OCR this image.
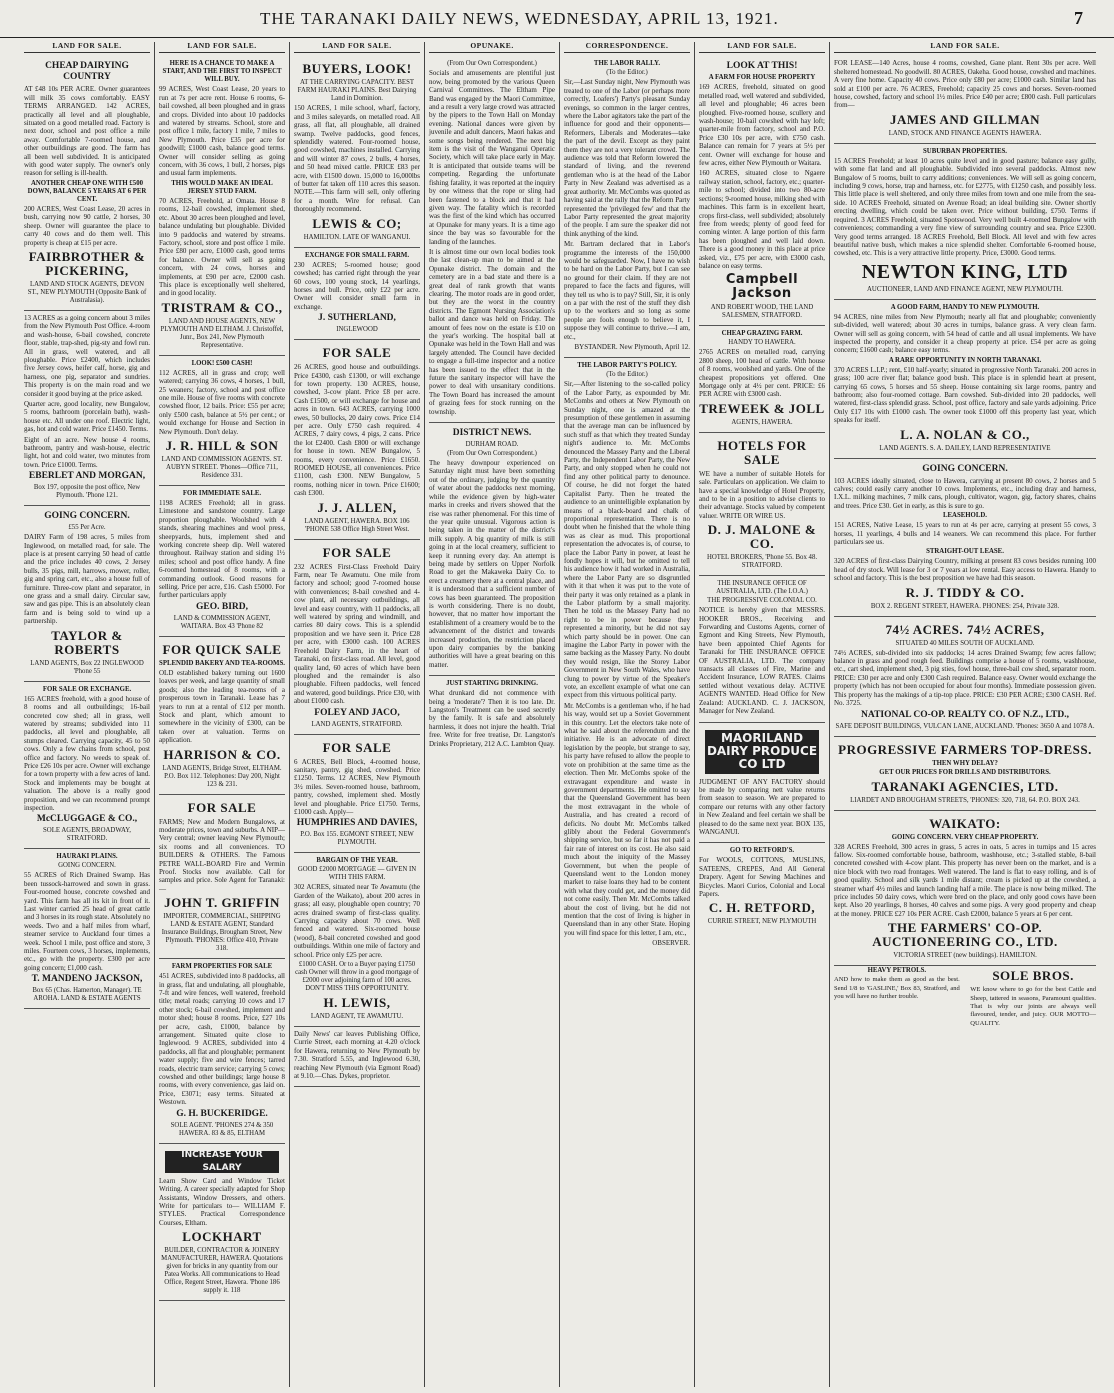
THE TARANAKI DAILY NEWS, WEDNESDAY, APRIL 13, 1921.	7
LAND FOR SALE.
CHEAP DAIRYING COUNTRY

AT £48 10s PER ACRE. Owner guarantees will milk 35 cows comfortably. EASY TERMS ARRANGED. 142 ACRES, practically all level and all ploughable, situated on a good metalled road. Factory is next door, school and post office a mile away. Comfortable 7-roomed house, and other outbuildings are good. The farm has all been well subdivided. It is anticipated with good water supply. The owner's only reason for selling is ill-health.

ANOTHER CHEAP ONE WITH £500 DOWN, BALANCE 5 YEARS AT 6 PER CENT.

200 ACRES, West Coast Lease, 20 acres in bush, carrying now 90 cattle, 2 horses, 30 sheep. Owner will guarantee the place to carry 40 cows and do them well. This property is cheap at £15 per acre.

FAIRBROTHER & PICKERING,
LAND AND STOCK AGENTS, DEVON ST., NEW PLYMOUTH (Opposite Bank of Australasia).

13 ACRES as a going concern about 3 miles from the New Plymouth Post Office. 4-room and wash-house, 6-bail cowshed, concrete floor, stable, trap-shed, pig-sty and fowl run. All in grass, well watered, and all ploughable. Price £2400, which includes five Jersey cows, heifer calf, horse, gig and harness, one pig, separator and sundries. This property is on the main road and we consider it good buying at the price asked.

Quarter acre, good locality, new Bungalow, 5 rooms, bathroom (porcelain bath), wash-house etc. All under one roof. Electric light, gas, hot and cold water. Price £1450. Terms.

Eight of an acre. New house 4 rooms, bathroom, pantry and wash-house, electric light, hot and cold water, two minutes from town. Price £1000. Terms.

EBERLET AND MORGAN,
Box 197, opposite the post office, New Plymouth. 'Phone 121.
GOING CONCERN.
£55 Per Acre.

DAIRY Farm of 198 acres, 5 miles from Inglewood, on metalled road, for sale. The place is at present carrying 50 head of cattle and the price includes 40 cows, 2 Jersey bulls, 35 pigs, mill, harrows, mower, roller, gig and spring cart, etc., also a house full of furniture. Three-cow plant and separator, in one grass and a small dairy. Circular saw, saw and gas pipe. This is an absolutely clean farm and is being sold to wind up a partnership.

TAYLOR & ROBERTS
LAND AGENTS, Box 22 INGLEWOOD 'Phone 55
FOR SALE OR EXCHANGE.

165 ACRES freehold, with a good house of 8 rooms and all outbuildings; 16-bail concreted cow shed; all in grass, well watered by streams; subdivided into 11 paddocks, all level and ploughable, all stumps cleared. Carrying capacity, 45 to 50 cows. Only a few chains from school, post office and factory. No weeds to speak of. Price £26 10s per acre. Owner will exchange for a town property with a few acres of land. Stock and implements may be bought at valuation. The above is a really good proposition, and we can recommend prompt inspection.

McCLUGGAGE & CO.,
SOLE AGENTS, BROADWAY, STRATFORD.
HAURAKI PLAINS.
GOING CONCERN.

55 ACRES of Rich Drained Swamp. Has been tussock-harrowed and sown in grass. Four-roomed house, concrete cowshed and yard. This farm has all its kit in front of it. Last winter carried 25 head of great cattle and 3 horses in its rough state. Absolutely no weeds. Two and a half miles from wharf, steamer service to Auckland four times a week. School 1 mile, post office and store, 3 miles. Fourteen cows, 3 horses, implements, etc., go with the property. £300 per acre going concern; £1,000 cash.

T. MANDENO JACKSON,
Box 65 (Chas. Hamerton, Manager). TE AROHA. LAND & ESTATE AGENTS
LAND FOR SALE.
HERE IS A CHANCE TO MAKE A START, AND THE FIRST TO INSPECT WILL BUY.

99 ACRES, West Coast Lease, 20 years to run at 7s per acre rent. House 6 rooms, 6-bail cowshed, all been ploughed and in grass and crops. Divided into about 10 paddocks and watered by streams. School, store and post office 1 mile, factory 1 mile, 7 miles to New Plymouth. Price £35 per acre for goodwill; £1000 cash, balance good terms. Owner will consider selling as going concern, with 36 cows, 1 bull, 2 horses, pigs and usual farm implements.

THIS WOULD MAKE AN IDEAL JERSEY STUD FARM.

70 ACRES, Freehold, at Omata. House 8 rooms, 12-bail cowshed, implement shed, etc. About 30 acres been ploughed and level, balance undulating but ploughable. Divided into 9 paddocks and watered by streams. Factory, school, store and post office 1 mile. Price £80 per acre, £1000 cash, good terms for balance. Owner will sell as going concern, with 24 cows, horses and implements, at £90 per acre, £2000 cash. This place is exceptionally well sheltered, and in good locality.

TRISTRAM & CO.,
LAND AND HOUSE AGENTS, NEW PLYMOUTH AND ELTHAM. J. Christoffel, Junr., Box 241, New Plymouth Representative.
LOOK! £500 CASH!

112 ACRES, all in grass and crop; well watered; carrying 36 cows, 4 horses, 1 bull, 25 weaners; factory, school and post office one mile. House of five rooms with concrete cowshed floor, 12 bails. Price: £55 per acre; only £500 cash, balance at 5½ per cent.; or would exchange for House and Section in New Plymouth. Don't delay.

J. R. HILL & SON
LAND AND COMMISSION AGENTS. ST. AUBYN STREET. 'Phones—Office 711, Residence 331.
FOR IMMEDIATE SALE.

1198 ACRES Freehold; all in grass. Limestone and sandstone country. Large proportion ploughable. Woolshed with 4 stands, shearing machines and wool press, sheepyards, huts, implement shed and working concrete sheep dip. Well watered throughout. Railway station and siding 1½ miles; school and post office handy. A fine 6-roomed homestead of 8 rooms, with a commanding outlook. Good reasons for selling. Price per acre, £16. Cash £5000. For further particulars apply

GEO. BIRD,
LAND & COMMISSION AGENT, WAITARA. Box 43 'Phone 82
FOR QUICK SALE
SPLENDID BAKERY AND TEA-ROOMS.

OLD established bakery turning out 1600 loaves per week, and large quantity of small goods; also the leading tea-rooms of a prosperous town in Taranaki. Lease has 7 years to run at a rental of £12 per month. Stock and plant, which amount to somewhere in the vicinity of £300, can be taken over at valuation. Terms on application.

HARRISON & CO.
LAND AGENTS, Bridge Street, ELTHAM. P.O. Box 112. Telephones: Day 200, Night 123 & 231.
FOR SALE

FARMS; New and Modern Bungalows, at moderate prices, town and suburbs. A NIP—Very central; owner leaving New Plymouth; six rooms and all conveniences. TO BUILDERS & OTHERS. The Famous PETRE WALL-BOARD Fire and Vermin Proof. Stocks now available. Call for samples and price. Sole Agent for Taranaki:—

JOHN T. GRIFFIN
IMPORTER, COMMERCIAL, SHIPPING LAND & ESTATE AGENT, Standard Insurance Buildings, Brougham Street, New Plymouth. 'PHONES: Office 410, Private 318.
FARM PROPERTIES FOR SALE

451 ACRES, subdivided into 8 paddocks, all in grass, flat and undulating, all ploughable, 7-ft and wire fences, well watered, freehold title; metal roads; carrying 10 cows and 17 other stock; 6-bail cowshed, implement and motor shed; house 8 rooms. Price, £27 10s per acre, cash, £1000, balance by arrangement. Situated quite close to Inglewood. 9 ACRES, subdivided into 4 paddocks, all flat and ploughable; permanent water supply; five and wire fences; tarred roads, electric tram service; carrying 5 cows; cowshed and other buildings; large house 8 rooms, with every convenience, gas laid on. Price, £3071; easy terms. Situated at Westown.

G. H. BUCKERIDGE.
SOLE AGENT. 'PHONES 274 & 350 HAWERA. 83 & 85, ELTHAM
INCREASE YOUR SALARY

Learn Show Card and Window Ticket Writing. A career specially adapted for Shop Assistants, Window Dressers, and others. Write for particulars to— WILLIAM F. STYLES. Practical Correspondence Courses, Eltham.

LOCKHART
BUILDER, CONTRACTOR & JOINERY MANUFACTURER, HAWERA. Quotations given for bricks in any quantity from our Patea Works. All communications to Head Office, Regent Street, Hawera. 'Phone 186 supply it. 118
LAND FOR SALE.
BUYERS, LOOK!
AT THE CARRYING CAPACITY. BEST FARM HAURAKI PLAINS. Best Dairying Land in Dominion.

150 ACRES, 1 mile school, wharf, factory, and 3 miles saleyards, on metalled road. All grass, all flat, all ploughable, all drained swamp. Twelve paddocks, good fences, splendidly watered. Four-roomed house, good cowshed, machines installed. Carrying and will winter 87 cows, 2 bulls, 4 horses, and 50 head mixed cattle. PRICE £83 per acre, with £1500 down. 15,000 to 16,000lbs of butter fat taken off 110 acres this season. NOTE.—This farm will sell, only offering for a month. Wire for refusal. Can thoroughly recommend.

LEWIS & CO;
HAMILTON. LATE OF WANGANUI.
EXCHANGE FOR SMALL FARM.

230 ACRES; 5-roomed house; good cowshed; has carried right through the year 60 cows, 100 young stock, 14 yearlings, horses and bull. Price, only £22 per acre. Owner will consider small farm in exchange.

J. SUTHERLAND,
INGLEWOOD
FOR SALE

26 ACRES, good house and outbuildings. Price £4300, cash £1300, or will exchange for town property. 130 ACRES, house, cowshed, 3-cow plant. Price £8 per acre. Cash £1500, or will exchange for house and acres in town. 643 ACRES, carrying 1000 ewes, 50 bullocks, 20 dairy cows. Price £14 per acre. Only £750 cash required. 4 ACRES, 7 dairy cows, 4 pigs, 2 cans. Price the lot £2400. Cash £800 or will exchange for house in town. NEW Bungalow, 5 rooms, every convenience. Price £1650. ROOMED HOUSE, all conveniences. Price £1100, cash £300. NEW Bungalow, 5 rooms, nothing nicer in town. Price £1600; cash £300.

J. J. ALLEN,
LAND AGENT, HAWERA. BOX 106 'PHONE 538 Office High Street West.
FOR SALE

232 ACRES First-Class Freehold Dairy Farm, near Te Awamutu. One mile from factory and school; good 7-roomed house with conveniences; 8-bail cowshed and 4-cow plant, all necessary outbuildings, all level and easy country, with 11 paddocks, all well watered by spring and windmill, and carries 80 dairy cows. This is a splendid proposition and we have seen it. Price £28 per acre, with £3000 cash. 100 ACRES Freehold Dairy Farm, in the heart of Taranaki, on first-class road. All level, good quality land, 60 acres of which have been ploughed and the remainder is also ploughable. Fifteen paddocks, well fenced and watered, good buildings. Price £30, with about £1000 cash.

FOLEY AND JACO,
LAND AGENTS, STRATFORD.
FOR SALE

6 ACRES, Bell Block, 4-roomed house, sanitary, pantry, gig shed, cowshed. Price £1250. Terms. 12 ACRES, New Plymouth 3½ miles. Seven-roomed house, bathroom, pantry, cowshed, implement shed. Mostly level and ploughable. Price £1750. Terms, £1000 cash. Apply—

HUMPHRIES AND DAVIES,
P.O. Box 155. EGMONT STREET, NEW PLYMOUTH.
BARGAIN OF THE YEAR.
GOOD £2000 MORTGAGE — GIVEN IN WITH THIS FARM.

302 ACRES, situated near Te Awamutu (the Garden of the Waikato), about 200 acres in grass; all easy, ploughable open country; 70 acres drained swamp of first-class quality. Carrying capacity about 70 cows. Well fenced and watered. Six-roomed house (wood), 8-bail concreted cowshed and good outbuildings. Within one mile of factory and school. Price only £25 per acre.

£1000 CASH. Or to a Buyer paying £1750 cash Owner will throw in a good mortgage of £2000 over adjoining farm of 100 acres. DON'T MISS THIS OPPORTUNITY.

H. LEWIS,
LAND AGENT, TE AWAMUTU.

Daily News' car leaves Publishing Office, Currie Street, each morning at 4.20 o'clock for Hawera, returning to New Plymouth by 7.30. Stratford 5.55, and Inglewood 6.30, reaching New Plymouth (via Egmont Road) at 9.10.—Chas. Dykes, proprietor.

OPUNAKE.
(From Our Own Correspondent.)

Socials and amusements are plentiful just now, being promoted by the various Queen Carnival Committees. The Eltham Pipe Band was engaged by the Maori Committee, and a result a very large crowd was attracted by the pipers to the Town Hall on Monday evening. National dances were given by juvenile and adult dancers, Maori hakas and some songs being rendered. The next big item is the visit of the Wanganui Operatic Society, which will take place early in May. It is anticipated that outside teams will be competing. Regarding the unfortunate fishing fatality, it was reported at the inquiry by one witness that the rope or sling had been fastened to a block and that it had given way. The fatality which is recorded was the first of the kind which has occurred at Opunake for many years. It is a time ago since the bay was so favourable for the landing of the launches.

It is almost time our own local bodies took the last clean-up man to be aimed at the Opunake district. The domain and the cemetery are in a bad state and there is a great deal of rank growth that wants clearing. The motor roads are in good order, but they are the worst in the country districts. The Egmont Nursing Association's ballot and dance was held on Friday. The amount of fees now on the estate is £10 on the year's working. The hospital ball at Opunake was held in the Town Hall and was largely attended. The Council have decided to engage a full-time inspector and a notice has been issued to the effect that in the future the sanitary inspector will have the power to deal with unsanitary conditions. The Town Board has increased the amount of grazing fees for stock running on the township.

DISTRICT NEWS.
DURHAM ROAD.
(From Our Own Correspondent.)

The heavy downpour experienced on Saturday night must have been something out of the ordinary, judging by the quantity of water about the paddocks next morning, while the evidence given by high-water marks in creeks and rivers showed that the rise was rather phenomenal. For this time of the year quite unusual. Vigorous action is being taken in the matter of the district's milk supply. A big quantity of milk is still going in at the local creamery, sufficient to keep it running every day. An attempt is being made by settlers on Upper Norfolk Road to get the Makaweka Dairy Co. to erect a creamery there at a central place, and it is understood that a sufficient number of cows has been guaranteed. The proposition is worth considering. There is no doubt, however, that no matter how important the establishment of a creamery would be to the advancement of the district and towards increased production, the restriction placed upon dairy companies by the banking authorities will have a great bearing on this matter.

JUST STARTING DRINKING.

What drunkard did not commence with being a 'moderate'? Then it is too late. Dr. Langston's Treatment can be used secretly by the family. It is safe and absolutely harmless, it does not injure the health. Trial free. Write for free treatise, Dr. Langston's Drinks Proprietary, 212 A.C. Lambton Quay.

CORRESPONDENCE.
THE LABOR RALLY.
(To the Editor.)

Sir,—Last Sunday night, New Plymouth was treated to one of the Labor (or perhaps more correctly, Loafers') Party's pleasant Sunday evenings, so common in the larger centres, where the Labor agitators take the part of the influence for good and their opponents—Reformers, Liberals and Moderates—take the part of the devil. Except as they paint them they are not a very tolerant crowd. The audience was told that Reform lowered the standard of living, and the reverend gentleman who is at the head of the Labor Party in New Zealand was advertised as a great authority. Mr. McCombs was quoted as having said at the rally that the Reform Party represented the 'privileged few' and that the Labor Party represented the great majority of the people. I am sure the speaker did not think anything of the kind.

Mr. Bartram declared that in Labor's programme the interests of the 150,000 would be safeguarded. Now, I have no wish to be hard on the Labor Party, but I can see no ground for their claim. If they are not prepared to face the facts and figures, will they tell us who is to pay? Still, Sir, it is only on a par with the rest of the stuff they dish up to the workers and so long as some people are fools enough to believe it, I suppose they will continue to thrive.—I am, etc.,

BYSTANDER. New Plymouth, April 12.

THE LABOR PARTY'S POLICY.
(To the Editor.)

Sir,—After listening to the so-called policy of the Labor Party, as expounded by Mr. McCombs and others at New Plymouth on Sunday night, one is amazed at the presumption of these gentlemen in assuming that the average man can be influenced by such stuff as that which they treated Sunday night's audience to. Mr. McCombs denounced the Massey Party and the Liberal Party, the Independent Labor Party, the New Party, and only stopped when he could not find any other political party to denounce. Of course, he did not forget the hated Capitalist Party. Then he treated the audience to an unintelligible explanation by means of a black-board and chalk of proportional representation. There is no doubt when he finished that the whole thing was as clear as mud. This proportional representation the advocates is, of course, to place the Labor Party in power, at least he fondly hopes it will, but he omitted to tell his audience how it had worked in Australia, where the Labor Party are so disgruntled with it that when it was put to the vote of their party it was only retained as a plank in the Labor platform by a small majority. Then he told us the Massey Party had no right to be in power because they represented a minority, but he did not say which party should be in power. One can imagine the Labor Party in power with the same backing as the Massey Party. No doubt they would resign, like the Storey Labor Government in New South Wales, who have clung to power by virtue of the Speaker's vote, an excellent example of what one can expect from this virtuous political party.

Mr. McCombs is a gentleman who, if he had his way, would set up a Soviet Government in this country. Let the electors take note of what he said about the referendum and the initiative. He is an advocate of direct legislation by the people, but strange to say, his party have refused to allow the people to vote on prohibition at the same time as the election. Then Mr. McCombs spoke of the extravagant expenditure and waste in government departments. He omitted to say that the Queensland Government has been the most extravagant in the whole of Australia, and has created a record of deficits. No doubt Mr. McCombs talked glibly about the Federal Government's shipping service, but so far it has not paid a fair rate of interest on its cost. He also said much about the iniquity of the Massey Government, but when the people of Queensland went to the London money market to raise loans they had to be content with what they could get, and the money did not come easily. Then Mr. McCombs talked about the cost of living, but he did not mention that the cost of living is higher in Queensland than in any other State. Hoping you will find space for this letter, I am, etc.,

OBSERVER.

LAND FOR SALE.
LOOK AT THIS!
A FARM FOR HOUSE PROPERTY

169 ACRES, freehold, situated on good metalled road, well watered and subdivided, all level and ploughable; 46 acres been ploughed. Five-roomed house, scullery and wash-house; 10-bail cowshed with hay loft; quarter-mile from factory, school and P.O. Price £30 10s per acre, with £750 cash. Balance can remain for 7 years at 5½ per cent. Owner will exchange for house and few acres, either New Plymouth or Waitara.

160 ACRES, situated close to Ngaere railway station, school, factory, etc.; quarter-mile to school; divided into two 80-acre sections; 9-roomed house, milking shed with machines. This farm is in excellent heart, crops first-class, well subdivided; absolutely free from weeds; plenty of good feed for coming winter. A large portion of this farm has been ploughed and well laid down. There is a good money in this place at price asked, viz., £75 per acre, with £3000 cash, balance on easy terms.

Campbell Jackson
AND ROBERT WOOD, THE LAND SALESMEN, STRATFORD.
CHEAP GRAZING FARM.
HANDY TO HAWERA.

2765 ACRES on metalled road, carrying 2800 sheep, 100 head of cattle. With house of 8 rooms, woolshed and yards. One of the cheapest propositions yet offered. One Mortgage only at 4½ per cent. PRICE: £6 PER ACRE with £3000 cash.

TREWEEK & JOLL
AGENTS, HAWERA.
HOTELS FOR SALE

WE have a number of suitable Hotels for sale. Particulars on application. We claim to have a special knowledge of Hotel Property, and to be in a position to advise clients to their advantage. Stocks valued by competent valuer. WRITE OR WIRE US.

D. J. MALONE & CO.
HOTEL BROKERS, 'Phone 55. Box 48. STRATFORD.
THE INSURANCE OFFICE OF AUSTRALIA, LTD. (The I.O.A.)
THE PROGRESSIVE COLONIAL CO.

NOTICE is hereby given that MESSRS. HOOKER BROS., Receiving and Forwarding and Customs Agents, corner of Egmont and King Streets, New Plymouth, have been appointed Chief Agents for Taranaki for THE INSURANCE OFFICE OF AUSTRALIA, LTD. The company transacts all classes of Fire, Marine and Accident Insurance, LOW RATES. Claims settled without vexatious delay. ACTIVE AGENTS WANTED. Head Office for New Zealand: AUCKLAND. C. J. JACKSON, Manager for New Zealand.

MAORILAND DAIRY PRODUCE CO LTD

JUDGMENT OF ANY FACTORY should be made by comparing nett value returns from season to season. We are prepared to compare our returns with any other factory in New Zealand and feel certain we shall be pleased to do the same next year. BOX 135, WANGANUI.

GO TO RETFORD'S.

For WOOLS, COTTONS, MUSLINS, SATEENS, CREPES, And All General Drapery. Agent for Sewing Machines and Bicycles. Maori Curios, Colonial and Local Papers.

C. H. RETFORD,
CURRIE STREET, NEW PLYMOUTH
LAND FOR SALE.

FOR LEASE—140 Acres, house 4 rooms, cowshed, Gane plant. Rent 30s per acre. Well sheltered homestead. No goodwill. 80 ACRES, Oakeha. Good house, cowshed and machines. A very fine home. Capacity 40 cows. Price only £80 per acre; £1000 cash. Similar land has sold at £100 per acre. 76 ACRES, Freehold; capacity 25 cows and horses. Seven-roomed house, cowshed, factory and school 1½ miles. Price £40 per acre; £800 cash. Full particulars from—

JAMES AND GILLMAN
LAND, STOCK AND FINANCE AGENTS HAWERA.
SUBURBAN PROPERTIES.

15 ACRES Freehold; at least 10 acres quite level and in good pasture; balance easy gully, with some flat land and all ploughable. Subdivided into several paddocks. Almost new Bungalow of 5 rooms, built to carry additions; conveniences. We will sell as going concern, including 9 cows, horse, trap and harness, etc. for £2775, with £1250 cash, and possibly less. This little place is well sheltered, and only three miles from town and one mile from the sea-side. 10 ACRES Freehold, situated on Avenue Road; an ideal building site. Owner shortly erecting dwelling, which could be taken over. Price without building, £750. Terms if required. 3 ACRES Freehold, situated Spotswood. Very well built 4-roomed Bungalow with conveniences; commanding a very fine view of surrounding country and sea. Price £2300. Very good terms arranged. 18 ACRES Freehold, Bell Block. All level and with few acres beautiful native bush, which makes a nice splendid shelter. Comfortable 6-roomed house, cowshed, etc. This is a very attractive little property. Price, £3000. Good terms.

NEWTON KING, LTD
AUCTIONEER, LAND AND FINANCE AGENT, NEW PLYMOUTH.
A GOOD FARM, HANDY TO NEW PLYMOUTH.

94 ACRES, nine miles from New Plymouth; nearly all flat and ploughable; conveniently sub-divided, well watered; about 30 acres in turnips, balance grass. A very clean farm. Owner will sell as going concern, with 54 head of cattle and all usual implements. We have inspected the property, and consider it a cheap property at price. £54 per acre as going concern; £1600 cash; balance easy terms.

A RARE OPPORTUNITY IN NORTH TARANAKI.

370 ACRES L.I.P.; rent, £10 half-yearly; situated in progressive North Taranaki. 200 acres in grass; 100 acre river flat; balance good bush. This place is in splendid heart at present, carrying 65 cows, 5 horses and 55 sheep. House containing six large rooms, pantry and bathroom; also four-roomed cottage. Barn cowshed. Sub-divided into 20 paddocks, well watered, first-class splendid grass. School, post office, factory and sale yards adjoining. Price Only £17 10s with £1000 cash. The owner took £1000 off this property last year, which speaks for itself.

L. A. NOLAN & CO.,
LAND AGENTS. S. A. DAILEY, LAND REPRESENTATIVE
GOING CONCERN.

103 ACRES ideally situated, close to Hawera, carrying at present 80 cows, 2 horses and 5 calves; could easily carry another 10 cows. Implements, etc., including dray and harness, I.X.L. milking machines, 7 milk cans, plough, cultivator, wagon, gig, factory shares, chains and trees. Price £30. Get in early, as this is sure to go.

LEASEHOLD.

151 ACRES, Native Lease, 15 years to run at 4s per acre, carrying at present 55 cows, 3 horses, 11 yearlings, 4 bulls and 14 weaners. We can recommend this place. For further particulars see us.

STRAIGHT-OUT LEASE.

320 ACRES of first-class Dairying Country, milking at present 83 cows besides running 100 head of dry stock. Will lease for 3 or 7 years at low rental. Easy access to Hawera. Handy to school and factory. This is the best proposition we have had this season.

R. J. TIDDY & CO.
BOX 2. REGENT STREET, HAWERA. PHONES: 254, Private 328.
74½ ACRES. 74½ ACRES,
SITUATED 40 MILES SOUTH OF AUCKLAND.

74½ ACRES, sub-divided into six paddocks; 14 acres Drained Swamp; few acres fallow; balance in grass and good rough feed. Buildings comprise a house of 5 rooms, washhouse, etc., cart shed, implement shed, 3 pig sties, fowl house, three-bail cow shed, separator room. PRICE: £30 per acre and only £300 Cash required. Balance easy. Owner would exchange the property (which has not been occupied for about four months). Immediate possession given. This property has the makings of a tip-top place. PRICE: £30 PER ACRE; £300 CASH. Ref. No. 3725.

NATIONAL CO-OP. REALTY CO. OF N.Z., LTD.,
SAFE DEPOSIT BUILDINGS, VULCAN LANE, AUCKLAND. 'Phones: 3650 A and 1078 A.
PROGRESSIVE FARMERS TOP-DRESS.
THEN WHY DELAY?
GET OUR PRICES FOR DRILLS AND DISTRIBUTORS.
TARANAKI AGENCIES, LTD.
LIARDET AND BROUGHAM STREETS, 'PHONES: 320, 718, 64. P.O. BOX 243.
WAIKATO:
GOING CONCERN. VERY CHEAP PROPERTY.

328 ACRES Freehold, 300 acres in grass, 5 acres in oats, 5 acres in turnips and 15 acres fallow. Six-roomed comfortable house, bathroom, washhouse, etc.; 3-stalled stable, 8-bail concreted cowshed with 4-cow plant. This property has never been on the market, and is a nice block with two road frontages. Well watered. The land is flat to easy rolling, and is of good quality. School and silk yards 1 mile distant; cream is picked up at the cowshed, a steamer wharf 4½ miles and launch landing half a mile. The place is now being milked. The price includes 50 dairy cows, which were bred on the place, and only good cows have been kept. Also 20 yearlings, 8 horses, 40 calves and some pigs. A very good property and cheap at the money. PRICE £27 10s PER ACRE. Cash £2000, balance 5 years at 6 per cent.

THE FARMERS' CO-OP. AUCTIONEERING CO., LTD.
VICTORIA STREET (new buildings). HAMILTON.
HEAVY PETROLS.

AND how to make them as good as the best. Send 1/8 to 'GASLINE,' Box 83, Stratford, and you will have no further trouble.

SOLE BROS.

WE know where to go for the best Cattle and Sheep, tattered in seasons, Paramount qualities. That is why our joints are always well flavoured, tender, and juicy. OUR MOTTO—QUALITY.
